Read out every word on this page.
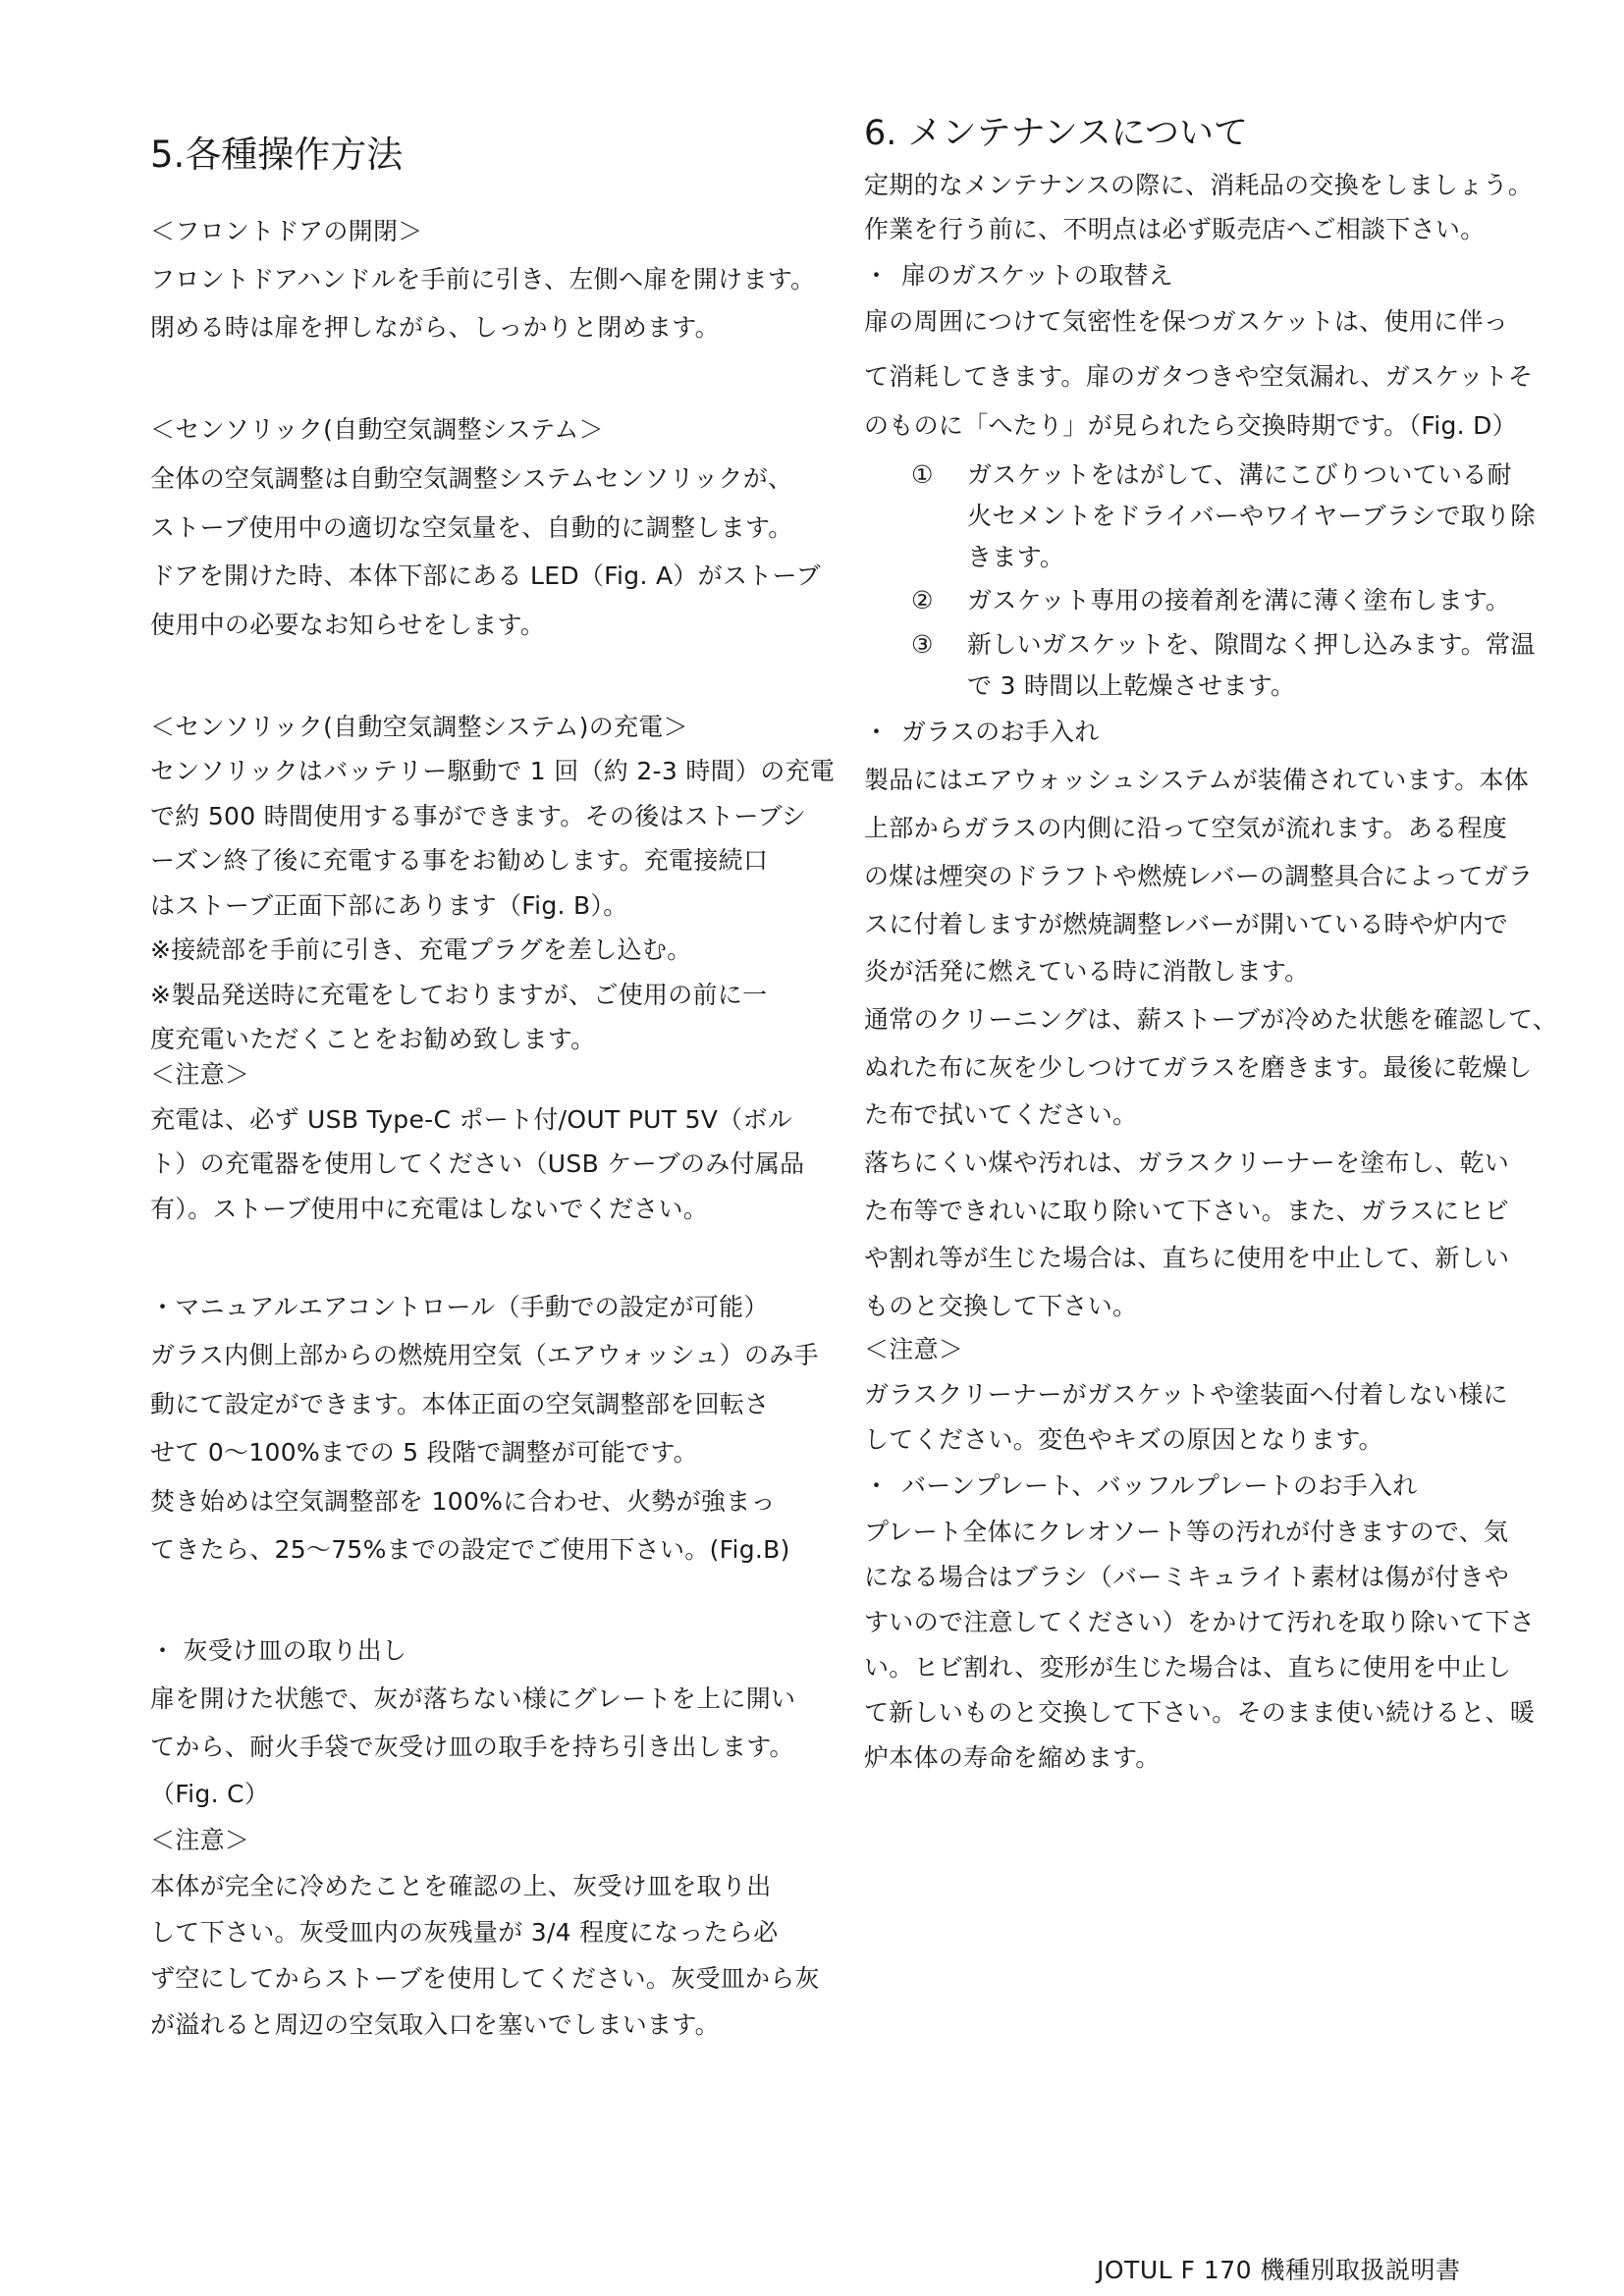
5.各種操作方法
＜フロントドアの開閉＞
フロントドアハンドルを手前に引き、左側へ扉を開けます。
閉める時は扉を押しながら、しっかりと閉めます。
＜センソリック(自動空気調整システム＞
全体の空気調整は自動空気調整システムセンソリックが、
ストーブ使用中の適切な空気量を、自動的に調整します。
ドアを開けた時、本体下部にある LED（Fig. A）がストーブ
使用中の必要なお知らせをします。
＜センソリック(自動空気調整システム)の充電＞
センソリックはバッテリー駆動で 1 回（約 2-3 時間）の充電
で約 500 時間使用する事ができます。その後はストーブシ
ーズン終了後に充電する事をお勧めします。充電接続口
はストーブ正面下部にあります（Fig. B）。
※接続部を手前に引き、充電プラグを差し込む。
※製品発送時に充電をしておりますが、ご使用の前に一
度充電いただくことをお勧め致します。
＜注意＞
充電は、必ず USB Type-C ポート付/OUT PUT 5V（ボル
ト）の充電器を使用してください（USB ケーブのみ付属品
有）。ストーブ使用中に充電はしないでください。
・マニュアルエアコントロール（手動での設定が可能）
ガラス内側上部からの燃焼用空気（エアウォッシュ）のみ手
動にて設定ができます。本体正面の空気調整部を回転さ
せて 0～100%までの 5 段階で調整が可能です。
焚き始めは空気調整部を 100%に合わせ、火勢が強まっ
てきたら、25～75%までの設定でご使用下さい。(Fig.B)
・ 灰受け皿の取り出し
扉を開けた状態で、灰が落ちない様にグレートを上に開い
てから、耐火手袋で灰受け皿の取手を持ち引き出します。
（Fig. C）
＜注意＞
本体が完全に冷めたことを確認の上、灰受け皿を取り出
して下さい。灰受皿内の灰残量が 3/4 程度になったら必
ず空にしてからストーブを使用してください。灰受皿から灰
が溢れると周辺の空気取入口を塞いでしまいます。
6. メンテナンスについて
定期的なメンテナンスの際に、消耗品の交換をしましょう。
作業を行う前に、不明点は必ず販売店へご相談下さい。
・ 扉のガスケットの取替え
扉の周囲につけて気密性を保つガスケットは、使用に伴っ
て消耗してきます。扉のガタつきや空気漏れ、ガスケットそ
のものに「へたり」が見られたら交換時期です。（Fig. D）
① ガスケットをはがして、溝にこびりついている耐
火セメントをドライバーやワイヤーブラシで取り除
きます。
② ガスケット専用の接着剤を溝に薄く塗布します。
③ 新しいガスケットを、隙間なく押し込みます。常温
で 3 時間以上乾燥させます。
・ ガラスのお手入れ
製品にはエアウォッシュシステムが装備されています。本体
上部からガラスの内側に沿って空気が流れます。ある程度
の煤は煙突のドラフトや燃焼レバーの調整具合によってガラ
スに付着しますが燃焼調整レバーが開いている時や炉内で
炎が活発に燃えている時に消散します。
通常のクリーニングは、薪ストーブが冷めた状態を確認して、
ぬれた布に灰を少しつけてガラスを磨きます。最後に乾燥し
た布で拭いてください。
落ちにくい煤や汚れは、ガラスクリーナーを塗布し、乾い
た布等できれいに取り除いて下さい。また、ガラスにヒビ
や割れ等が生じた場合は、直ちに使用を中止して、新しい
ものと交換して下さい。
＜注意＞
ガラスクリーナーがガスケットや塗装面へ付着しない様に
してください。変色やキズの原因となります。
・ バーンプレート、バッフルプレートのお手入れ
プレート全体にクレオソート等の汚れが付きますので、気
になる場合はブラシ（バーミキュライト素材は傷が付きや
すいので注意してください）をかけて汚れを取り除いて下さ
い。ヒビ割れ、変形が生じた場合は、直ちに使用を中止し
て新しいものと交換して下さい。そのまま使い続けると、暖
炉本体の寿命を縮めます。
JOTUL F 170 機種別取扱説明書
